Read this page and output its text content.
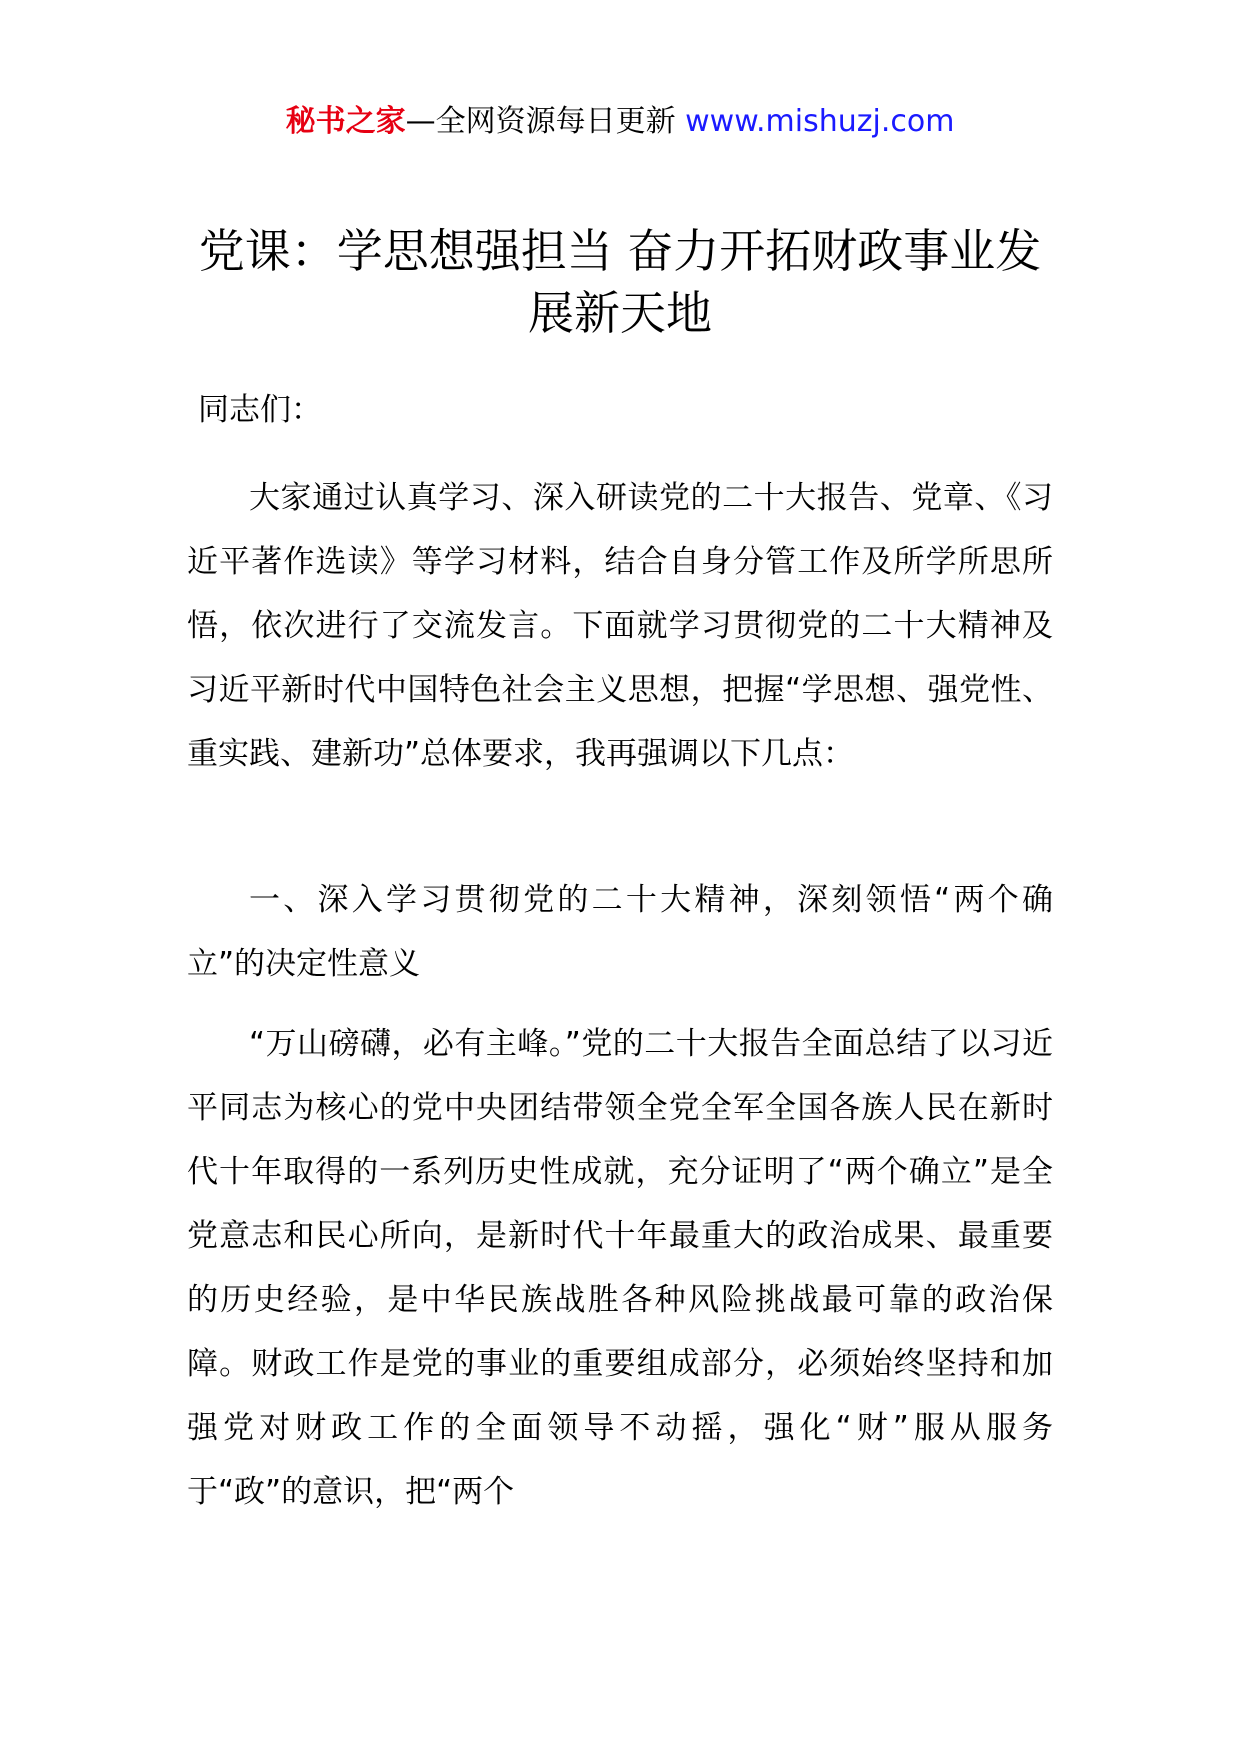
秘书之家—全网资源每日更新 www.mishuzj.com
党课：学思想强担当 奋力开拓财政事业发展新天地
同志们：

大家通过认真学习、深入研读党的二十大报告、党章、《习近平著作选读》等学习材料，结合自身分管工作及所学所思所悟，依次进行了交流发言。下面就学习贯彻党的二十大精神及习近平新时代中国特色社会主义思想，把握“学思想、强党性、重实践、建新功”总体要求，我再强调以下几点：

一、深入学习贯彻党的二十大精神，深刻领悟“两个确立”的决定性意义

“万山磅礴，必有主峰。”党的二十大报告全面总结了以习近平同志为核心的党中央团结带领全党全军全国各族人民在新时代十年取得的一系列历史性成就，充分证明了“两个确立”是全党意志和民心所向，是新时代十年最重大的政治成果、最重要的历史经验，是中华民族战胜各种风险挑战最可靠的政治保障。财政工作是党的事业的重要组成部分，必须始终坚持和加强党对财政工作的全面领导不动摇，强化“财”服从服务于“政”的意识，把“两个
